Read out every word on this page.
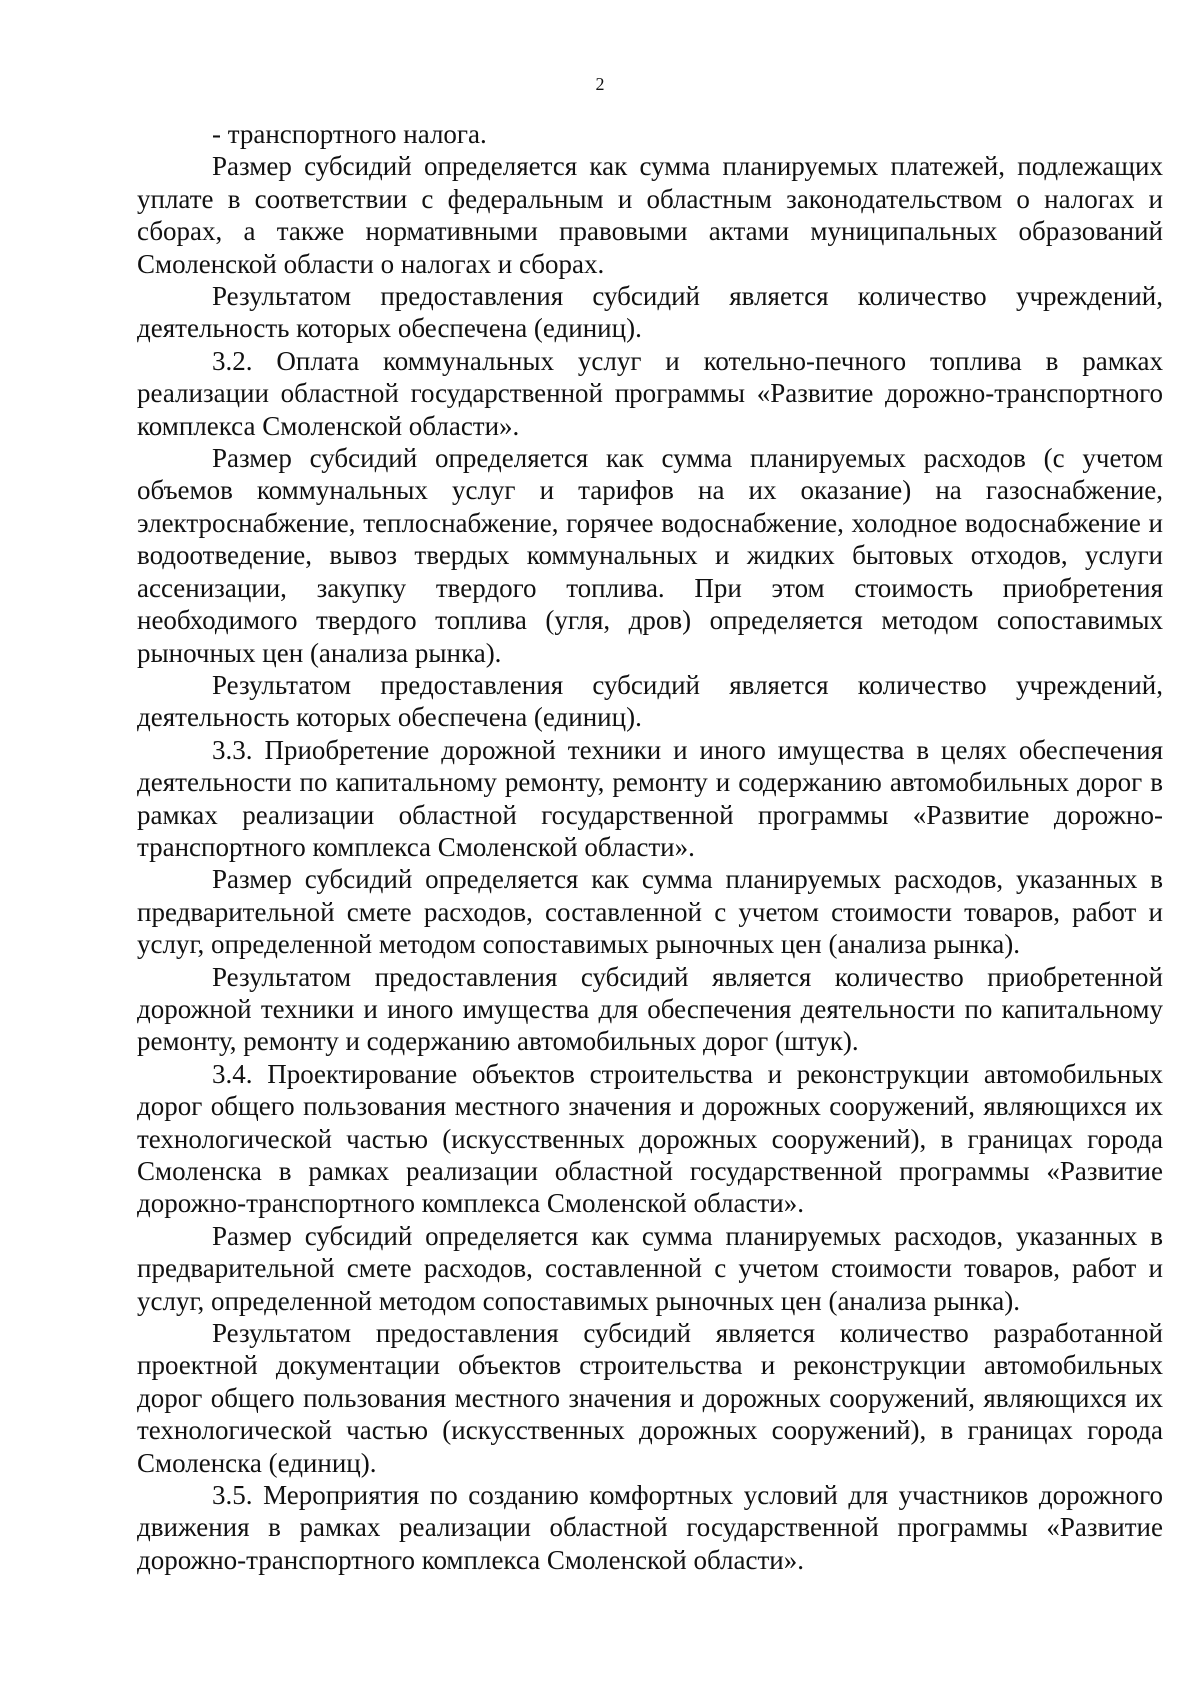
2

- транспортного налога.

Размер субсидий определяется как сумма планируемых платежей, подлежащих уплате в соответствии с федеральным и областным законодательством о налогах и сборах, а также нормативными правовыми актами муниципальных образований Смоленской области о налогах и сборах.

Результатом предоставления субсидий является количество учреждений, деятельность которых обеспечена (единиц).

3.2. Оплата коммунальных услуг и котельно-печного топлива в рамках реализации областной государственной программы «Развитие дорожно-транспортного комплекса Смоленской области».

Размер субсидий определяется как сумма планируемых расходов (с учетом объемов коммунальных услуг и тарифов на их оказание) на газоснабжение, электроснабжение, теплоснабжение, горячее водоснабжение, холодное водоснабжение и водоотведение, вывоз твердых коммунальных и жидких бытовых отходов, услуги ассенизации, закупку твердого топлива. При этом стоимость приобретения необходимого твердого топлива (угля, дров) определяется методом сопоставимых рыночных цен (анализа рынка).

Результатом предоставления субсидий является количество учреждений, деятельность которых обеспечена (единиц).

3.3. Приобретение дорожной техники и иного имущества в целях обеспечения деятельности по капитальному ремонту, ремонту и содержанию автомобильных дорог в рамках реализации областной государственной программы «Развитие дорожно-транспортного комплекса Смоленской области».

Размер субсидий определяется как сумма планируемых расходов, указанных в предварительной смете расходов, составленной с учетом стоимости товаров, работ и услуг, определенной методом сопоставимых рыночных цен (анализа рынка).

Результатом предоставления субсидий является количество приобретенной дорожной техники и иного имущества для обеспечения деятельности по капитальному ремонту, ремонту и содержанию автомобильных дорог (штук).

3.4. Проектирование объектов строительства и реконструкции автомобильных дорог общего пользования местного значения и дорожных сооружений, являющихся их технологической частью (искусственных дорожных сооружений), в границах города Смоленска в рамках реализации областной государственной программы «Развитие дорожно-транспортного комплекса Смоленской области».

Размер субсидий определяется как сумма планируемых расходов, указанных в предварительной смете расходов, составленной с учетом стоимости товаров, работ и услуг, определенной методом сопоставимых рыночных цен (анализа рынка).

Результатом предоставления субсидий является количество разработанной проектной документации объектов строительства и реконструкции автомобильных дорог общего пользования местного значения и дорожных сооружений, являющихся их технологической частью (искусственных дорожных сооружений), в границах города Смоленска (единиц).

3.5. Мероприятия по созданию комфортных условий для участников дорожного движения в рамках реализации областной государственной программы «Развитие дорожно-транспортного комплекса Смоленской области».
